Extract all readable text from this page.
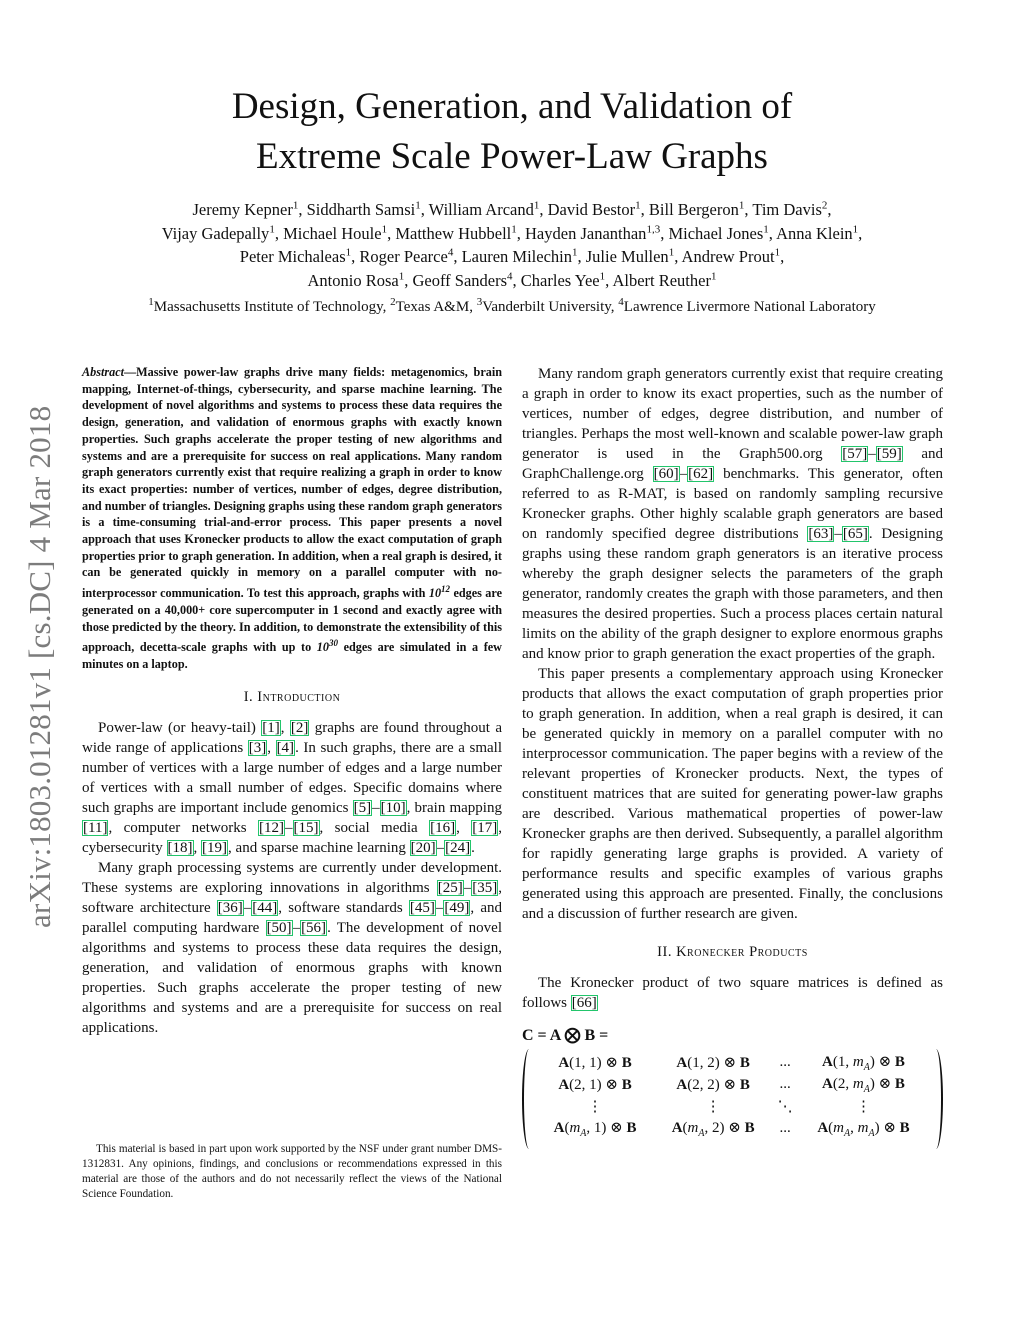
Design, Generation, and Validation of
Extreme Scale Power-Law Graphs
Jeremy Kepner$^1$, Siddharth Samsi$^1$, William Arcand$^1$, David Bestor$^1$, Bill Bergeron$^1$, Tim Davis$^2$,
Vijay Gadepally$^1$, Michael Houle$^1$, Matthew Hubbell$^1$, Hayden Jananthan$^{1,3}$, Michael Jones$^1$, Anna Klein$^1$,
Peter Michaleas$^1$, Roger Pearce$^4$, Lauren Milechin$^1$, Julie Mullen$^1$, Andrew Prout$^1$,
Antonio Rosa$^1$, Geoff Sanders$^4$, Charles Yee$^1$, Albert Reuther$^1$
$^1$Massachusetts Institute of Technology, $^2$Texas A&M, $^3$Vanderbilt University, $^4$Lawrence Livermore National Laboratory
arXiv:1803.01281v1 [cs.DC] 4 Mar 2018

Abstract—Massive power-law graphs drive many fields: metagenomics, brain mapping, Internet-of-things, cybersecurity, and sparse machine learning. The development of novel algorithms and systems to process these data requires the design, generation, and validation of enormous graphs with exactly known properties. Such graphs accelerate the proper testing of new algorithms and systems and are a prerequisite for success on real applications. Many random graph generators currently exist that require realizing a graph in order to know its exact properties: number of vertices, number of edges, degree distribution, and number of triangles. Designing graphs using these random graph generators is a time-consuming trial-and-error process. This paper presents a novel approach that uses Kronecker products to allow the exact computation of graph properties prior to graph generation. In addition, when a real graph is desired, it can be generated quickly in memory on a parallel computer with no-interprocessor communication. To test this approach, graphs with $10^{12}$ edges are generated on a 40,000+ core supercomputer in 1 second and exactly agree with those predicted by the theory. In addition, to demonstrate the extensibility of this approach, decetta-scale graphs with up to $10^{30}$ edges are simulated in a few minutes on a laptop.

I. Introduction

Power-law (or heavy-tail) [1], [2] graphs are found throughout a wide range of applications [3], [4]. In such graphs, there are a small number of vertices with a large number of edges and a large number of vertices with a small number of edges. Specific domains where such graphs are important include genomics [5]–[10], brain mapping [11], computer networks [12]–[15], social media [16], [17], cybersecurity [18], [19], and sparse machine learning [20]–[24].

Many graph processing systems are currently under development. These systems are exploring innovations in algorithms [25]–[35], software architecture [36]–[44], software standards [45]–[49], and parallel computing hardware [50]–[56]. The development of novel algorithms and systems to process these data requires the design, generation, and validation of enormous graphs with known properties. Such graphs accelerate the proper testing of new algorithms and systems and are a prerequisite for success on real applications.

This material is based in part upon work supported by the NSF under grant number DMS-1312831. Any opinions, findings, and conclusions or recommendations expressed in this material are those of the authors and do not necessarily reflect the views of the National Science Foundation.

Many random graph generators currently exist that require creating a graph in order to know its exact properties, such as the number of vertices, number of edges, degree distribution, and number of triangles. Perhaps the most well-known and scalable power-law graph generator is used in the Graph500.org [57]–[59] and GraphChallenge.org [60]–[62] benchmarks. This generator, often referred to as R-MAT, is based on randomly sampling recursive Kronecker graphs. Other highly scalable graph generators are based on randomly specified degree distributions [63]–[65]. Designing graphs using these random graph generators is an iterative process whereby the graph designer selects the parameters of the graph generator, randomly creates the graph with those parameters, and then measures the desired properties. Such a process places certain natural limits on the ability of the graph designer to explore enormous graphs and know prior to graph generation the exact properties of the graph.

This paper presents a complementary approach using Kronecker products that allows the exact computation of graph properties prior to graph generation. In addition, when a real graph is desired, it can be generated quickly in memory on a parallel computer with no interprocessor communication. The paper begins with a review of the relevant properties of Kronecker products. Next, the types of constituent matrices that are suited for generating power-law graphs are described. Various mathematical properties of power-law Kronecker graphs are then derived. Subsequently, a parallel algorithm for rapidly generating large graphs is provided. A variety of performance results and specific examples of various graphs generated using this approach are presented. Finally, the conclusions and a discussion of further research are given.

II. Kronecker Products

The Kronecker product of two square matrices is defined as follows [66]

C = A ⨂ B =

A(1, 1) ⊗ B	A(1, 2) ⊗ B	...	A(1, $m_A$) ⊗ B
A(2, 1) ⊗ B	A(2, 2) ⊗ B	...	A(2, $m_A$) ⊗ B
⋮	⋮	⋱	⋮
$A(m_A$, 1) ⊗ B	$A(m_A$, 2) ⊗ B	...	$A(m_A$, $m_A$) ⊗ B
